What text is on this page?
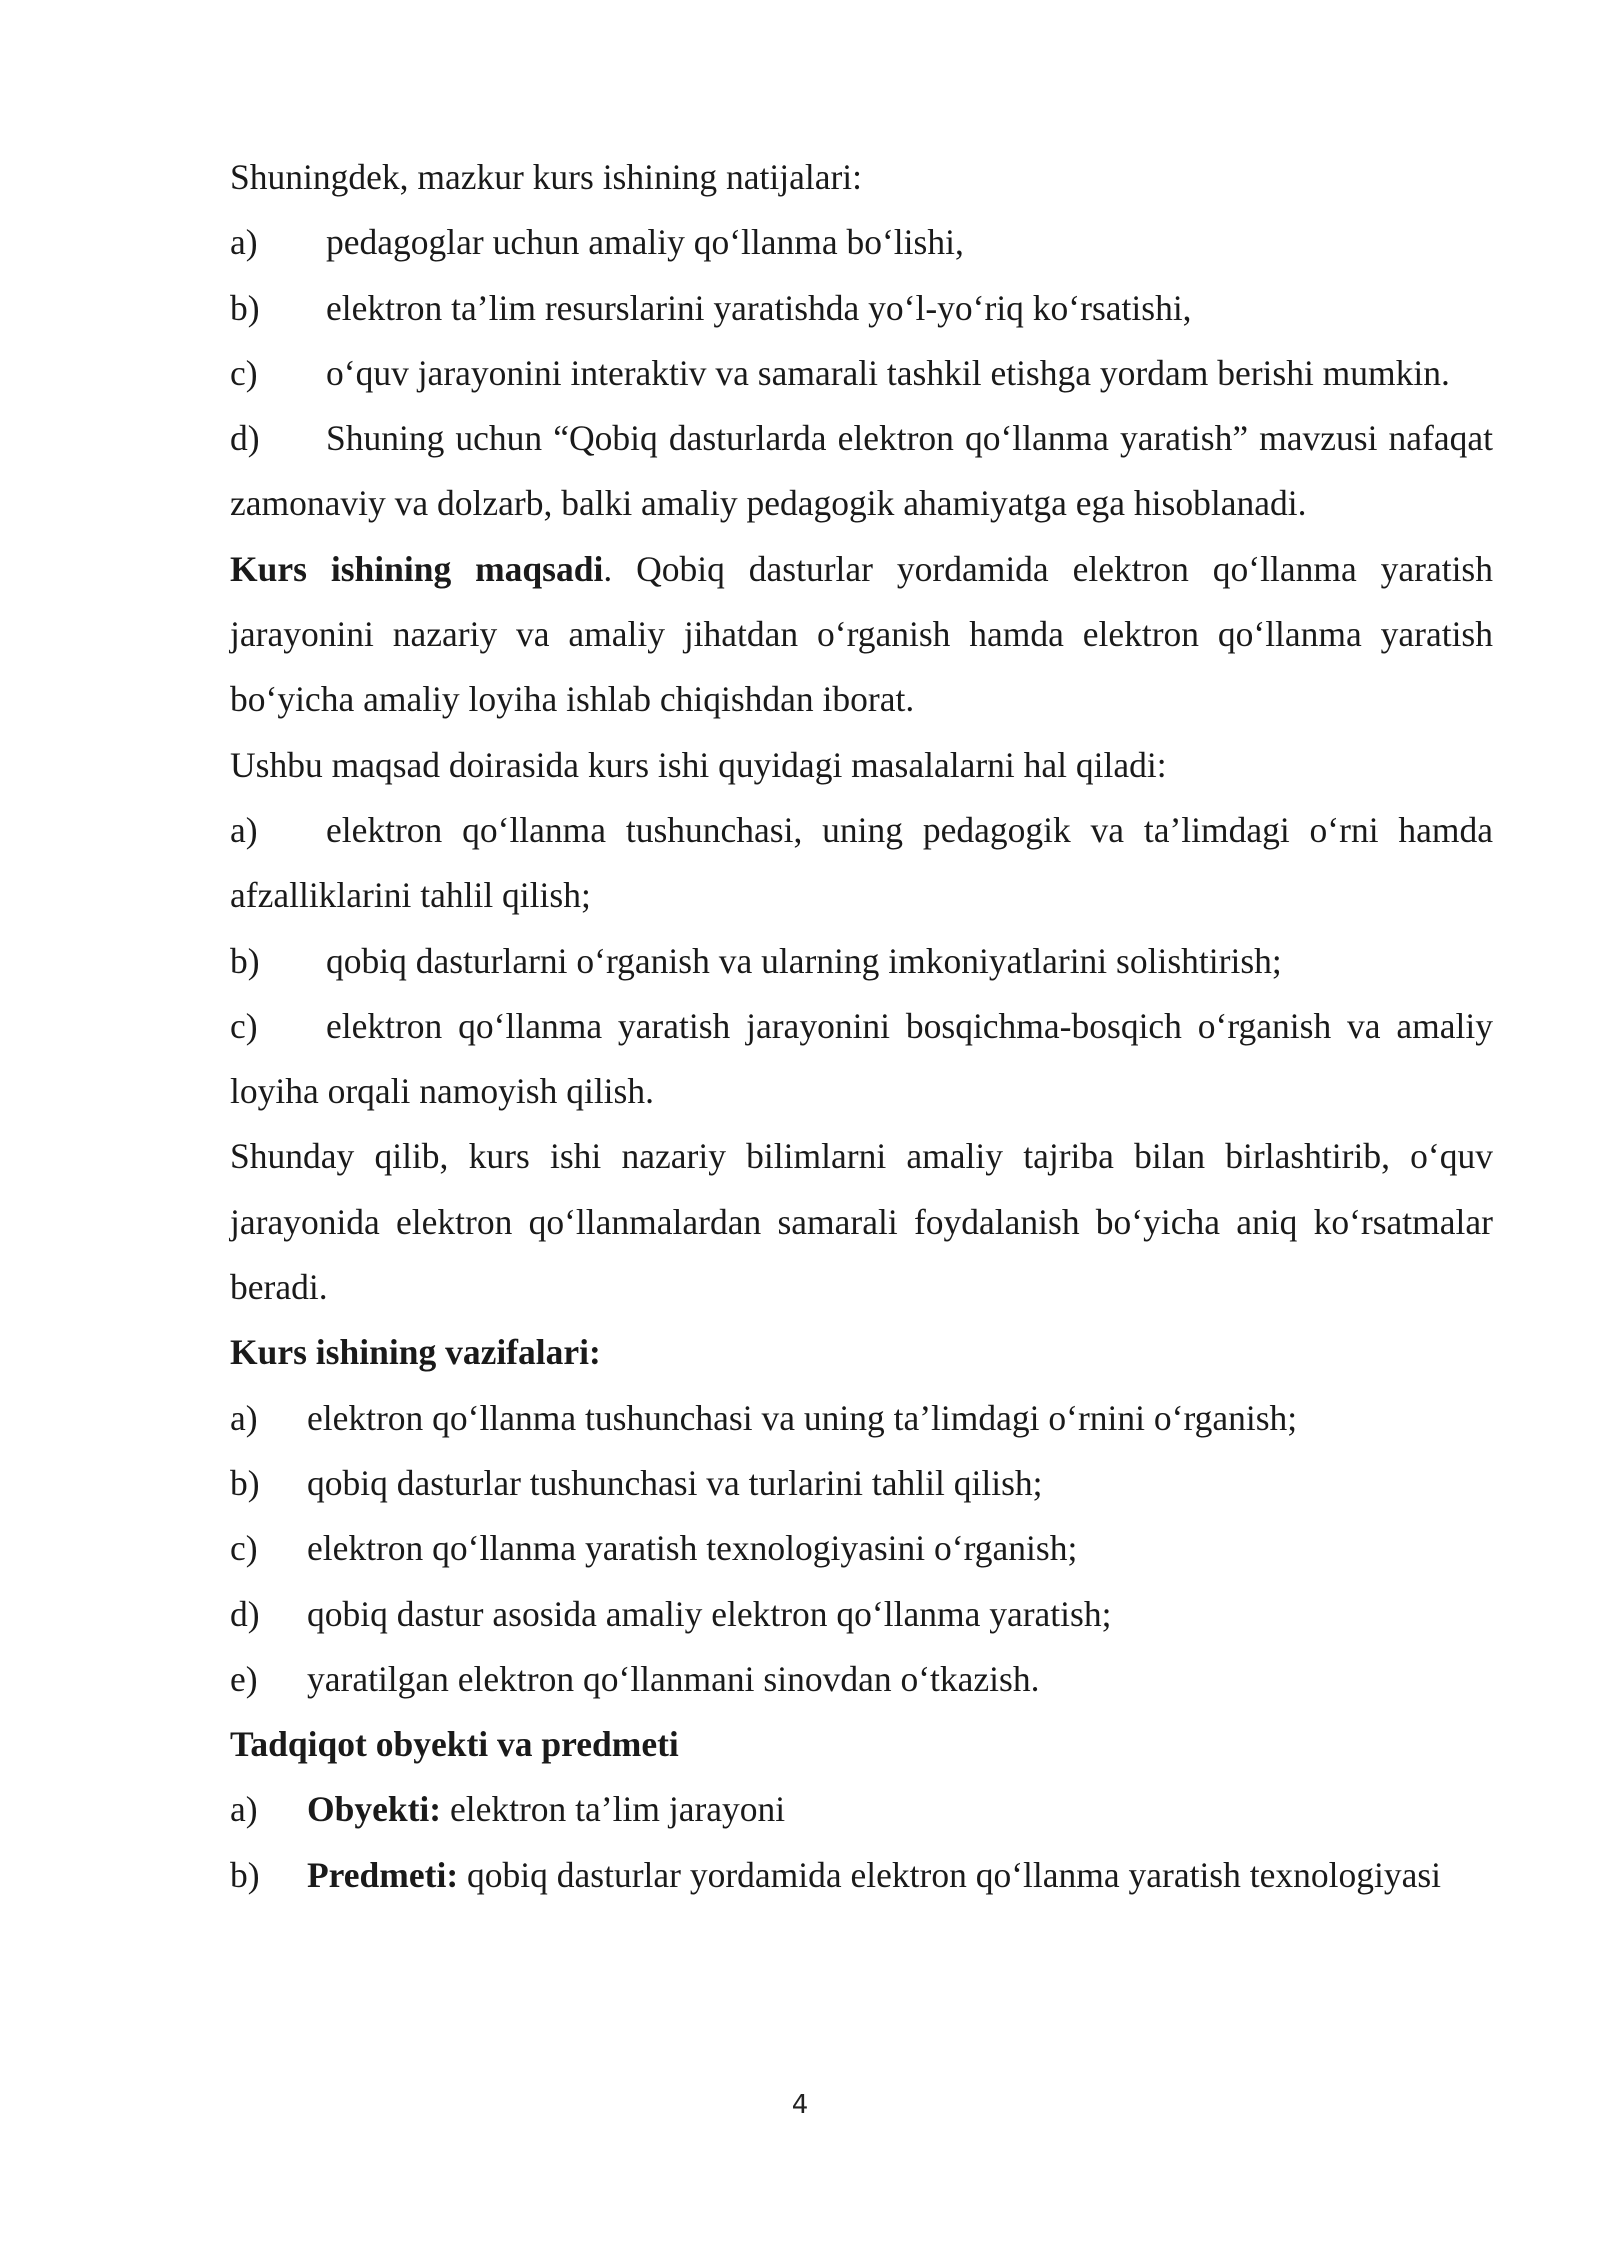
Shuningdek, mazkur kurs ishining natijalari:

a) pedagoglar uchun amaliy qo‘llanma bo‘lishi,

b) elektron ta’lim resurslarini yaratishda yo‘l-yo‘riq ko‘rsatishi,

c) o‘quv jarayonini interaktiv va samarali tashkil etishga yordam berishi mumkin.

d) Shuning uchun “Qobiq dasturlarda elektron qo‘llanma yaratish” mavzusi nafaqat zamonaviy va dolzarb, balki amaliy pedagogik ahamiyatga ega hisoblanadi.

Kurs ishining maqsadi. Qobiq dasturlar yordamida elektron qo‘llanma yaratish jarayonini nazariy va amaliy jihatdan o‘rganish hamda elektron qo‘llanma yaratish bo‘yicha amaliy loyiha ishlab chiqishdan iborat.

Ushbu maqsad doirasida kurs ishi quyidagi masalalarni hal qiladi:

a) elektron qo‘llanma tushunchasi, uning pedagogik va ta’limdagi o‘rni hamda afzalliklarini tahlil qilish;

b) qobiq dasturlarni o‘rganish va ularning imkoniyatlarini solishtirish;

c) elektron qo‘llanma yaratish jarayonini bosqichma-bosqich o‘rganish va amaliy loyiha orqali namoyish qilish.

Shunday qilib, kurs ishi nazariy bilimlarni amaliy tajriba bilan birlashtirib, o‘quv jarayonida elektron qo‘llanmalardan samarali foydalanish bo‘yicha aniq ko‘rsatmalar beradi.

Kurs ishining vazifalari:

a) elektron qo‘llanma tushunchasi va uning ta’limdagi o‘rnini o‘rganish;

b) qobiq dasturlar tushunchasi va turlarini tahlil qilish;

c) elektron qo‘llanma yaratish texnologiyasini o‘rganish;

d) qobiq dastur asosida amaliy elektron qo‘llanma yaratish;

e) yaratilgan elektron qo‘llanmani sinovdan o‘tkazish.

Tadqiqot obyekti va predmeti

a) Obyekti: elektron ta’lim jarayoni

b) Predmeti: qobiq dasturlar yordamida elektron qo‘llanma yaratish texnologiyasi

4
